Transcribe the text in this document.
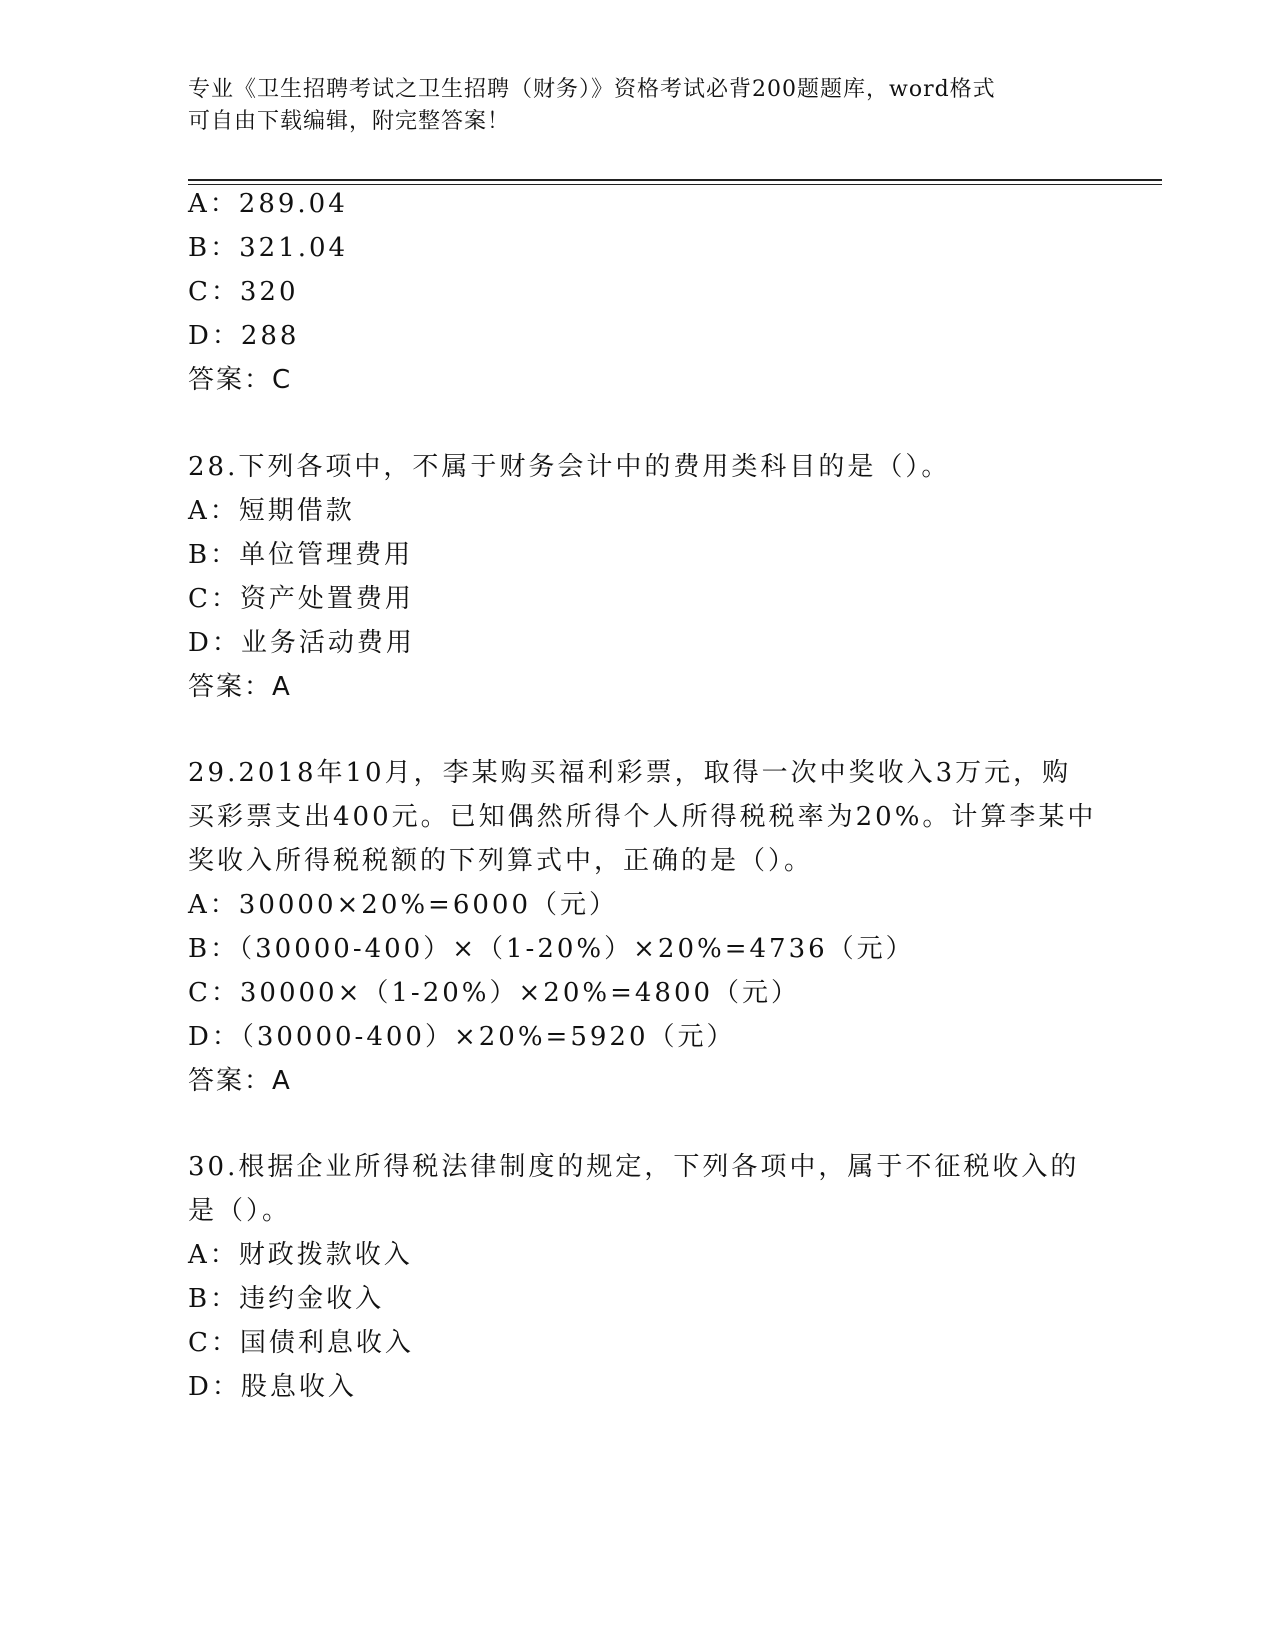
专业《卫生招聘考试之卫生招聘（财务）》资格考试必背200题题库，word格式
可自由下载编辑，附完整答案！
A：289.04
B：321.04
C：320
D：288
答案：C
28.下列各项中，不属于财务会计中的费用类科目的是（）。
A：短期借款
B：单位管理费用
C：资产处置费用
D：业务活动费用
答案：A
29.2018年10月，李某购买福利彩票，取得一次中奖收入3万元，购
买彩票支出400元。已知偶然所得个人所得税税率为20%。计算李某中
奖收入所得税税额的下列算式中，正确的是（）。
A：30000×20%=6000（元）
B：（30000-400）×（1-20%）×20%=4736（元）
C：30000×（1-20%）×20%=4800（元）
D：（30000-400）×20%=5920（元）
答案：A
30.根据企业所得税法律制度的规定，下列各项中，属于不征税收入的
是（）。
A：财政拨款收入
B：违约金收入
C：国债利息收入
D：股息收入
